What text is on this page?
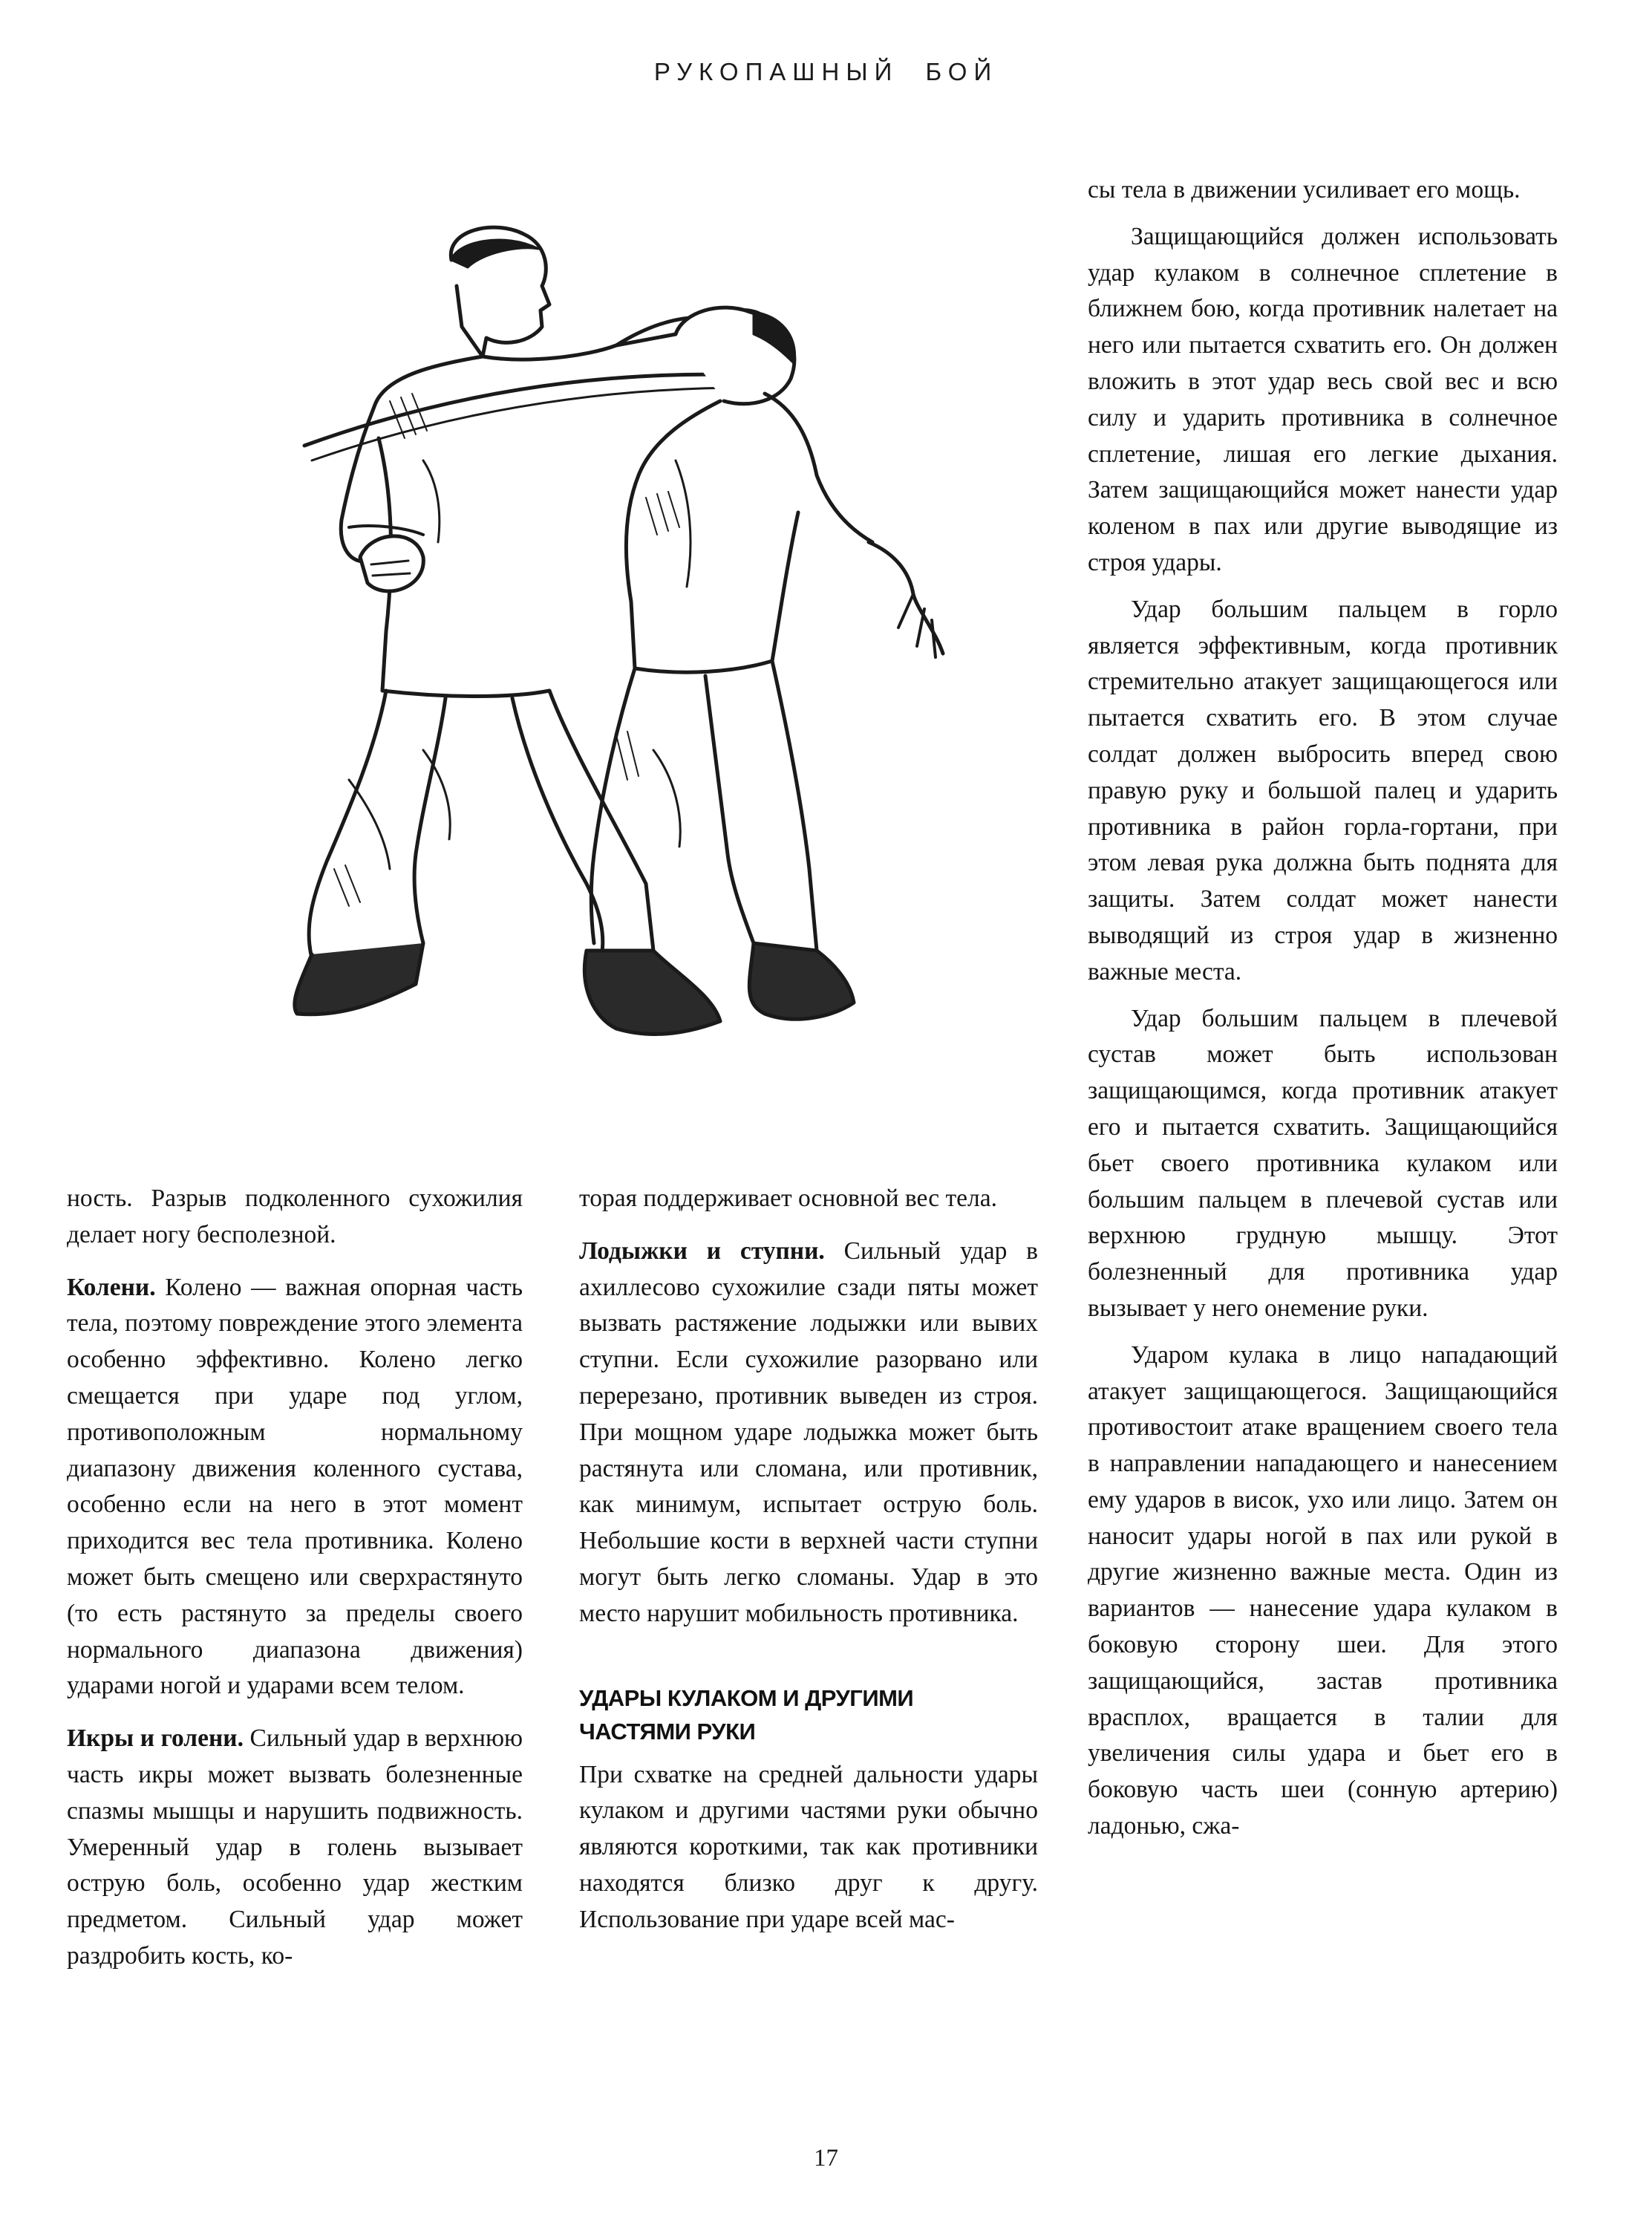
РУКОПАШНЫЙ БОЙ

ность. Разрыв подколенного сухожилия делает ногу бесполезной.

Колени. Колено — важная опорная часть тела, поэтому повреждение этого элемента особенно эффективно. Колено легко смещается при ударе под углом, противоположным нормальному диапазону движения коленного сустава, особенно если на него в этот момент приходится вес тела противника. Колено может быть смещено или сверхрастянуто (то есть растянуто за пределы своего нормального диапазона движения) ударами ногой и ударами всем телом.

Икры и голени. Сильный удар в верхнюю часть икры может вызвать болезненные спазмы мышцы и нарушить подвижность. Умеренный удар в голень вызывает острую боль, особенно удар жестким предметом. Сильный удар может раздробить кость, ко-

торая поддерживает основной вес тела.

Лодыжки и ступни. Сильный удар в ахиллесово сухожилие сзади пяты может вызвать растяжение лодыжки или вывих ступни. Если сухожилие разорвано или перерезано, противник выведен из строя. При мощном ударе лодыжка может быть растянута или сломана, или противник, как минимум, испытает острую боль. Небольшие кости в верхней части ступни могут быть легко сломаны. Удар в это место нарушит мобильность противника.

УДАРЫ КУЛАКОМ И ДРУГИМИ
ЧАСТЯМИ РУКИ

При схватке на средней дальности удары кулаком и другими частями руки обычно являются короткими, так как противники находятся близко друг к другу. Использование при ударе всей мас-

сы тела в движении усиливает его мощь.

Защищающийся должен использовать удар кулаком в солнечное сплетение в ближнем бою, когда противник налетает на него или пытается схватить его. Он должен вложить в этот удар весь свой вес и всю силу и ударить противника в солнечное сплетение, лишая его легкие дыхания. Затем защищающийся может нанести удар коленом в пах или другие выводящие из строя удары.

Удар большим пальцем в горло является эффективным, когда противник стремительно атакует защищающегося или пытается схватить его. В этом случае солдат должен выбросить вперед свою правую руку и большой палец и ударить противника в район горла-гортани, при этом левая рука должна быть поднята для защиты. Затем солдат может нанести выводящий из строя удар в жизненно важные места.

Удар большим пальцем в плечевой сустав может быть использован защищающимся, когда противник атакует его и пытается схватить. Защищающийся бьет своего противника кулаком или большим пальцем в плечевой сустав или верхнюю грудную мышцу. Этот болезненный для противника удар вызывает у него онемение руки.

Ударом кулака в лицо нападающий атакует защищающегося. Защищающийся противостоит атаке вращением своего тела в направлении нападающего и нанесением ему ударов в висок, ухо или лицо. Затем он наносит удары ногой в пах или рукой в другие жизненно важные места. Один из вариантов — нанесение удара кулаком в боковую сторону шеи. Для этого защищающийся, застав противника врасплох, вращается в талии для увеличения силы удара и бьет его в боковую часть шеи (сонную артерию) ладонью, сжа-

17
